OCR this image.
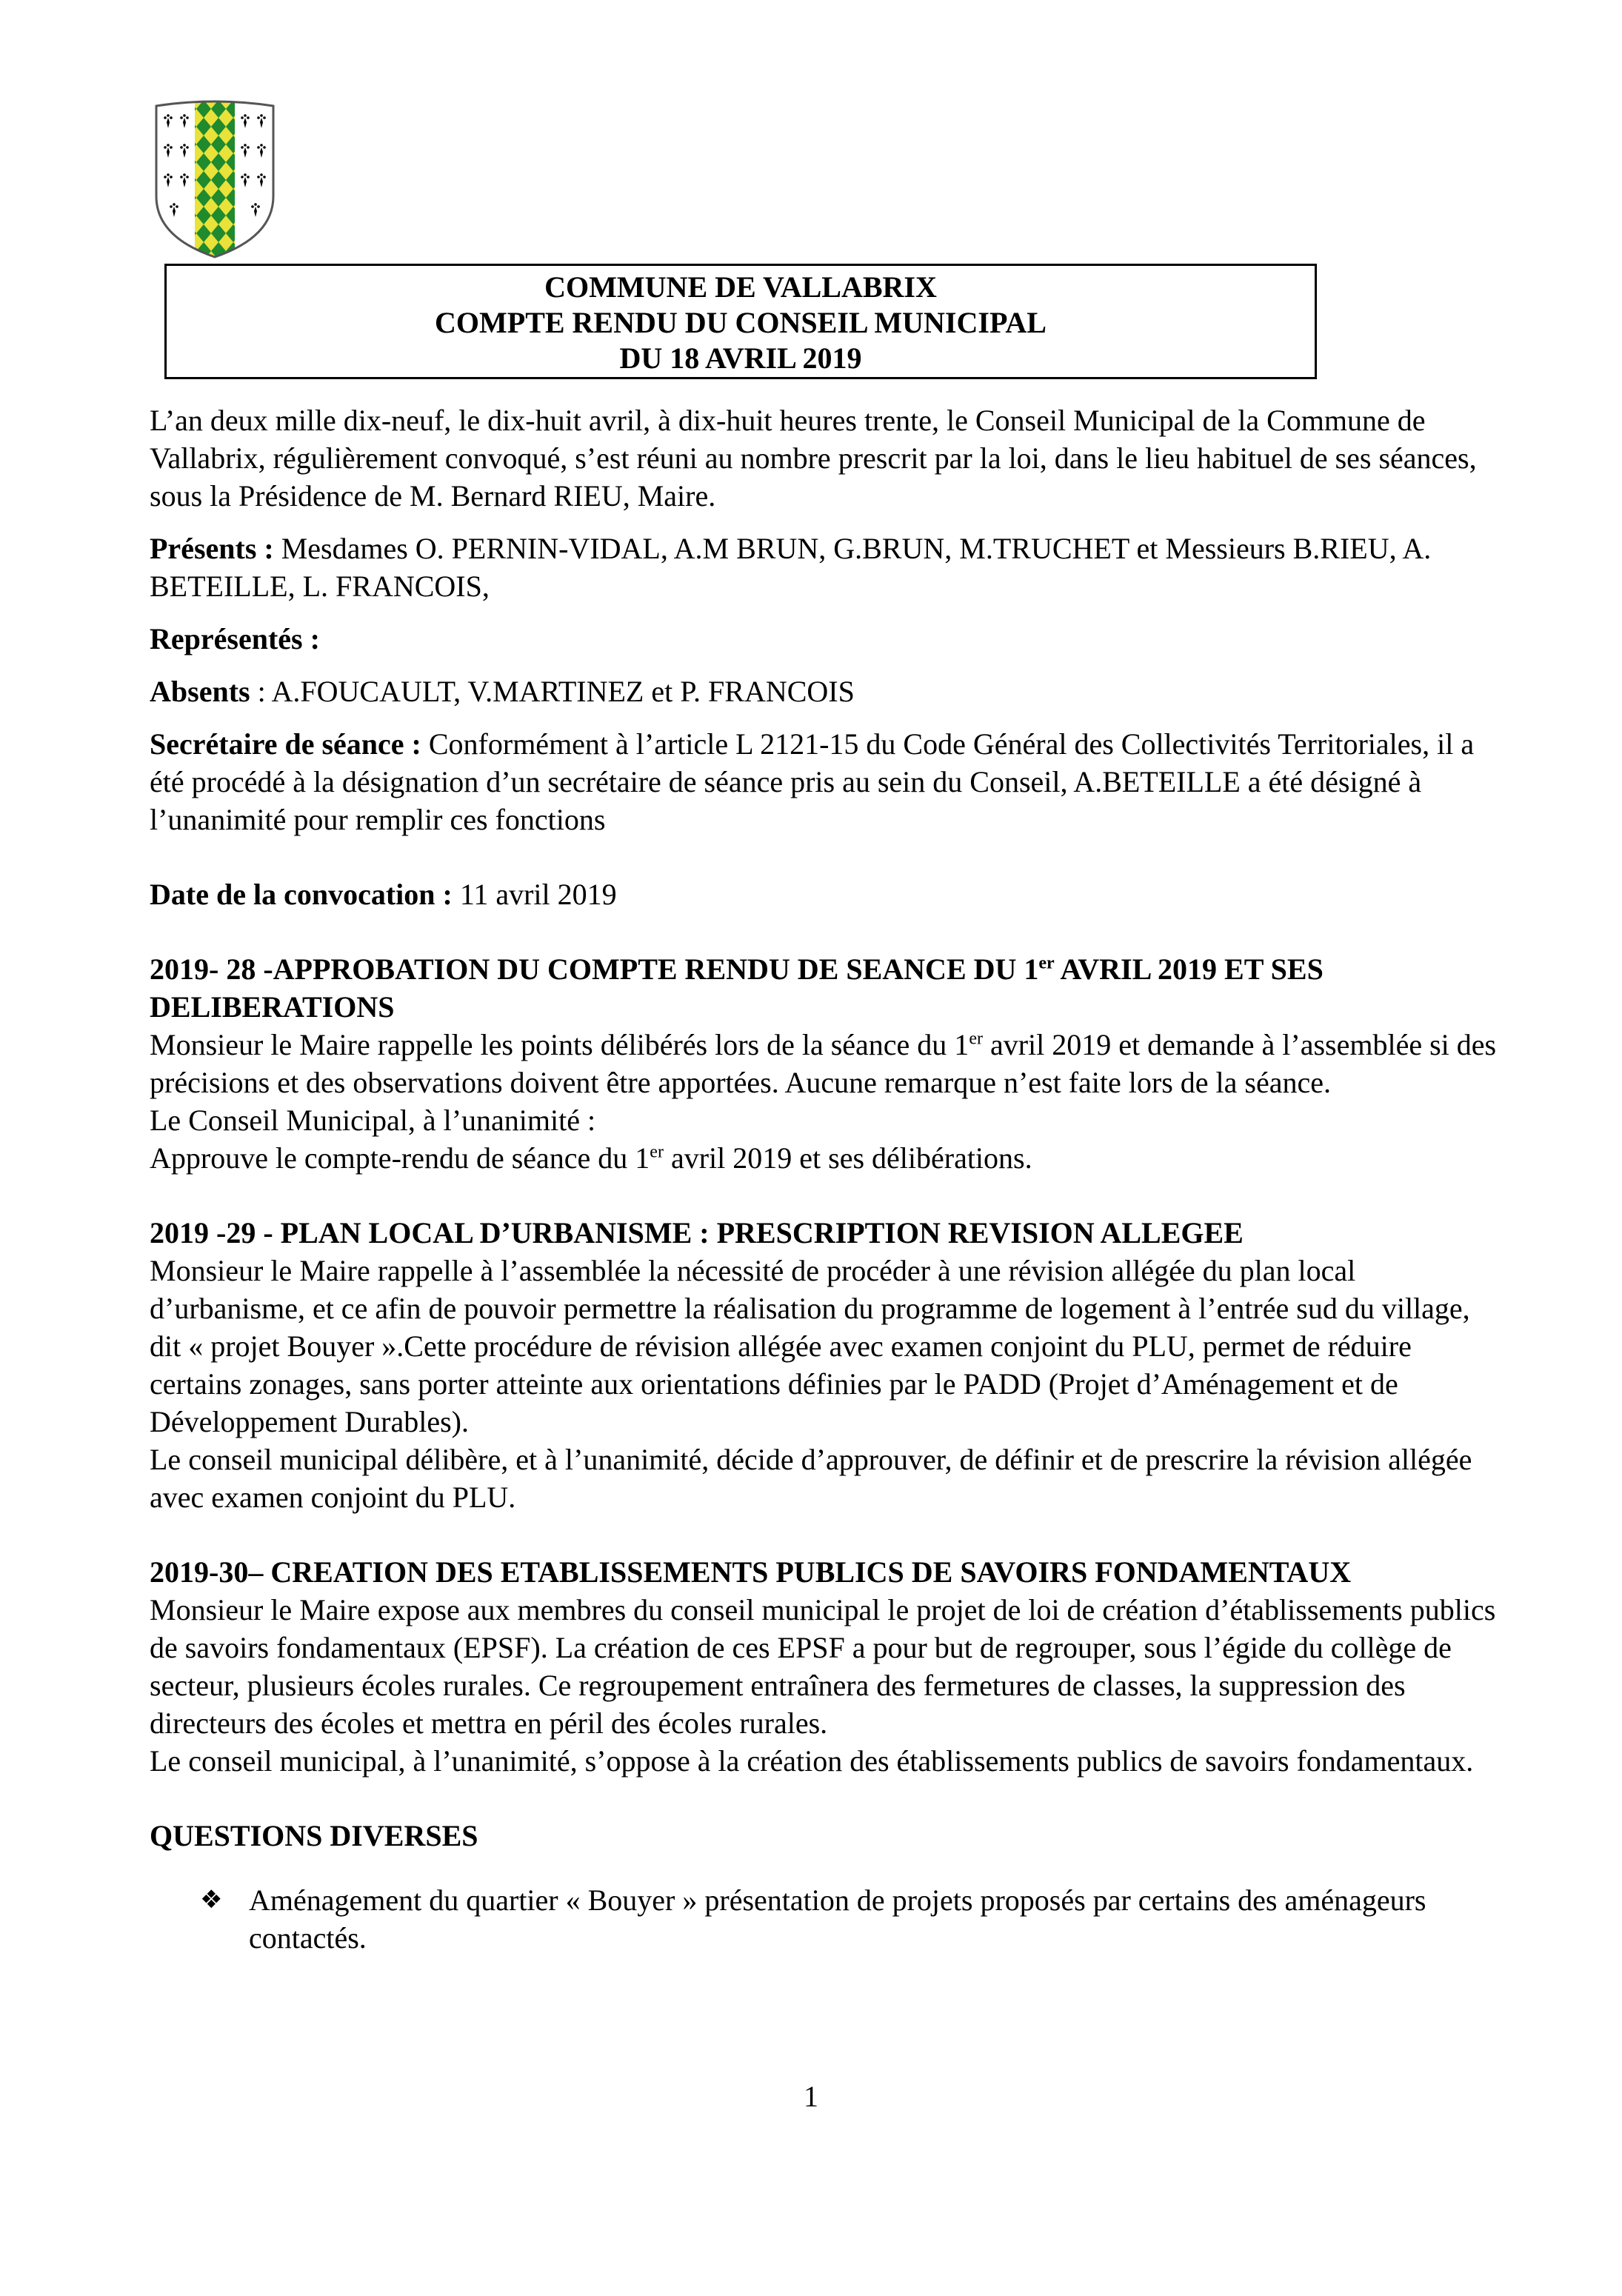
COMMUNE DE VALLABRIX
COMPTE RENDU DU CONSEIL MUNICIPAL
DU 18 AVRIL 2019

L’an deux mille dix-neuf, le dix-huit avril, à dix-huit heures trente, le Conseil Municipal de la Commune de Vallabrix, régulièrement convoqué, s’est réuni au nombre prescrit par la loi, dans le lieu habituel de ses séances, sous la Présidence de M. Bernard RIEU, Maire.

Présents : Mesdames O. PERNIN-VIDAL, A.M BRUN, G.BRUN, M.TRUCHET et Messieurs B.RIEU, A. BETEILLE, L. FRANCOIS,

Représentés :

Absents : A.FOUCAULT, V.MARTINEZ et P. FRANCOIS

Secrétaire de séance : Conformément à l’article L 2121-15 du Code Général des Collectivités Territoriales, il a été procédé à la désignation d’un secrétaire de séance pris au sein du Conseil, A.BETEILLE a été désigné à l’unanimité pour remplir ces fonctions

Date de la convocation : 11 avril 2019

2019- 28 -APPROBATION DU COMPTE RENDU DE SEANCE DU 1er AVRIL 2019 ET SES DELIBERATIONS

Monsieur le Maire rappelle les points délibérés lors de la séance du 1er avril 2019 et demande à l’assemblée si des précisions et des observations doivent être apportées. Aucune remarque n’est faite lors de la séance.

Le Conseil Municipal, à l’unanimité :

Approuve le compte-rendu de séance du 1er avril 2019 et ses délibérations.

2019 -29 - PLAN LOCAL D’URBANISME : PRESCRIPTION REVISION ALLEGEE

Monsieur le Maire rappelle à l’assemblée la nécessité de procéder à une révision allégée du plan local d’urbanisme, et ce afin de pouvoir permettre la réalisation du programme de logement à l’entrée sud du village, dit « projet Bouyer ».Cette procédure de révision allégée avec examen conjoint du PLU, permet de réduire certains zonages, sans porter atteinte aux orientations définies par le PADD (Projet d’Aménagement et de Développement Durables).

Le conseil municipal délibère, et à l’unanimité, décide d’approuver, de définir et de prescrire la révision allégée avec examen conjoint du PLU.

2019-30– CREATION DES ETABLISSEMENTS PUBLICS DE SAVOIRS FONDAMENTAUX

Monsieur le Maire expose aux membres du conseil municipal le projet de loi de création d’établissements publics de savoirs fondamentaux (EPSF). La création de ces EPSF a pour but de regrouper, sous l’égide du collège de secteur, plusieurs écoles rurales. Ce regroupement entraînera des fermetures de classes, la suppression des directeurs des écoles et mettra en péril des écoles rurales.

Le conseil municipal, à l’unanimité, s’oppose à la création des établissements publics de savoirs fondamentaux.

QUESTIONS DIVERSES
❖ Aménagement du quartier « Bouyer » présentation de projets proposés par certains des aménageurs contactés.
1
